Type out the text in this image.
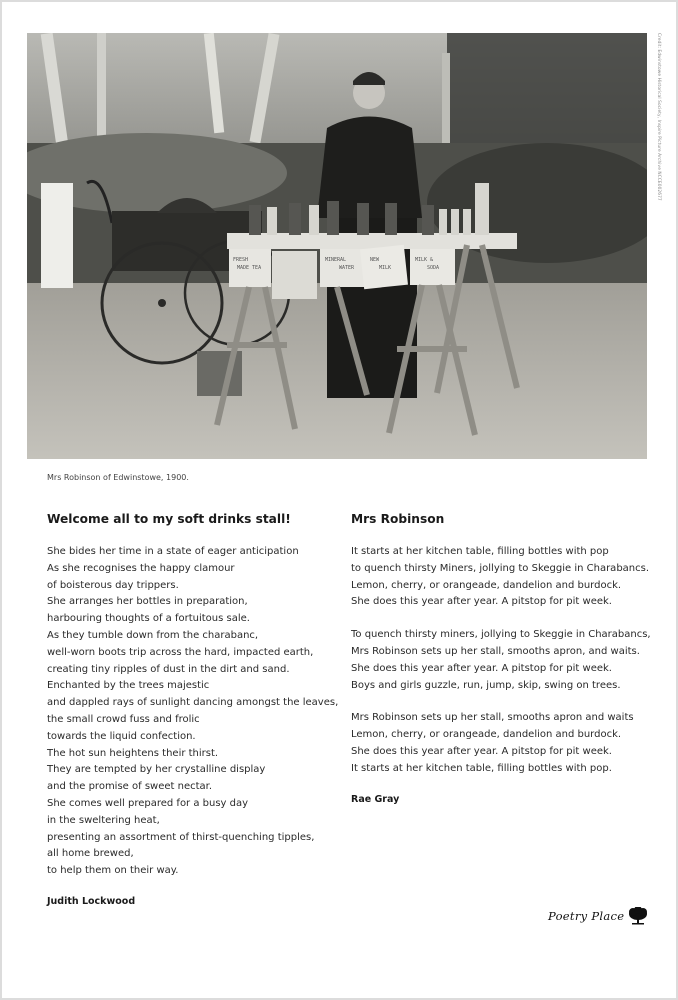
FRESH
MADE TEA
MINERAL
WATER
NEW
MILK
MILK &
SODA
Credit: Edwinstowe Historical Society, Inspire Picture Archive NCCE002677
Mrs Robinson of Edwinstowe, 1900.
Welcome all to my soft drinks stall!
She bides her time in a state of eager anticipation
As she recognises the happy clamour
of boisterous day trippers.
She arranges her bottles in preparation,
harbouring thoughts of a fortuitous sale.
As they tumble down from the charabanc,
well-worn boots trip across the hard, impacted earth,
creating tiny ripples of dust in the dirt and sand.
Enchanted by the trees majestic
and dappled rays of sunlight dancing amongst the leaves,
the small crowd fuss and frolic
towards the liquid confection.
The hot sun heightens their thirst.
They are tempted by her crystalline display
and the promise of sweet nectar.
She comes well prepared for a busy day
in the sweltering heat,
presenting an assortment of thirst-quenching tipples,
all home brewed,
to help them on their way.
Judith Lockwood
Mrs Robinson
It starts at her kitchen table, filling bottles with pop
to quench thirsty Miners, jollying to Skeggie in Charabancs.
Lemon, cherry, or orangeade, dandelion and burdock.
She does this year after year. A pitstop for pit week.
To quench thirsty miners, jollying to Skeggie in Charabancs,
Mrs Robinson sets up her stall, smooths apron, and waits.
She does this year after year. A pitstop for pit week.
Boys and girls guzzle, run, jump, skip, swing on trees.
Mrs Robinson sets up her stall, smooths apron and waits
Lemon, cherry, or orangeade, dandelion and burdock.
She does this year after year. A pitstop for pit week.
It starts at her kitchen table, filling bottles with pop.
Rae Gray
Poetry Place
